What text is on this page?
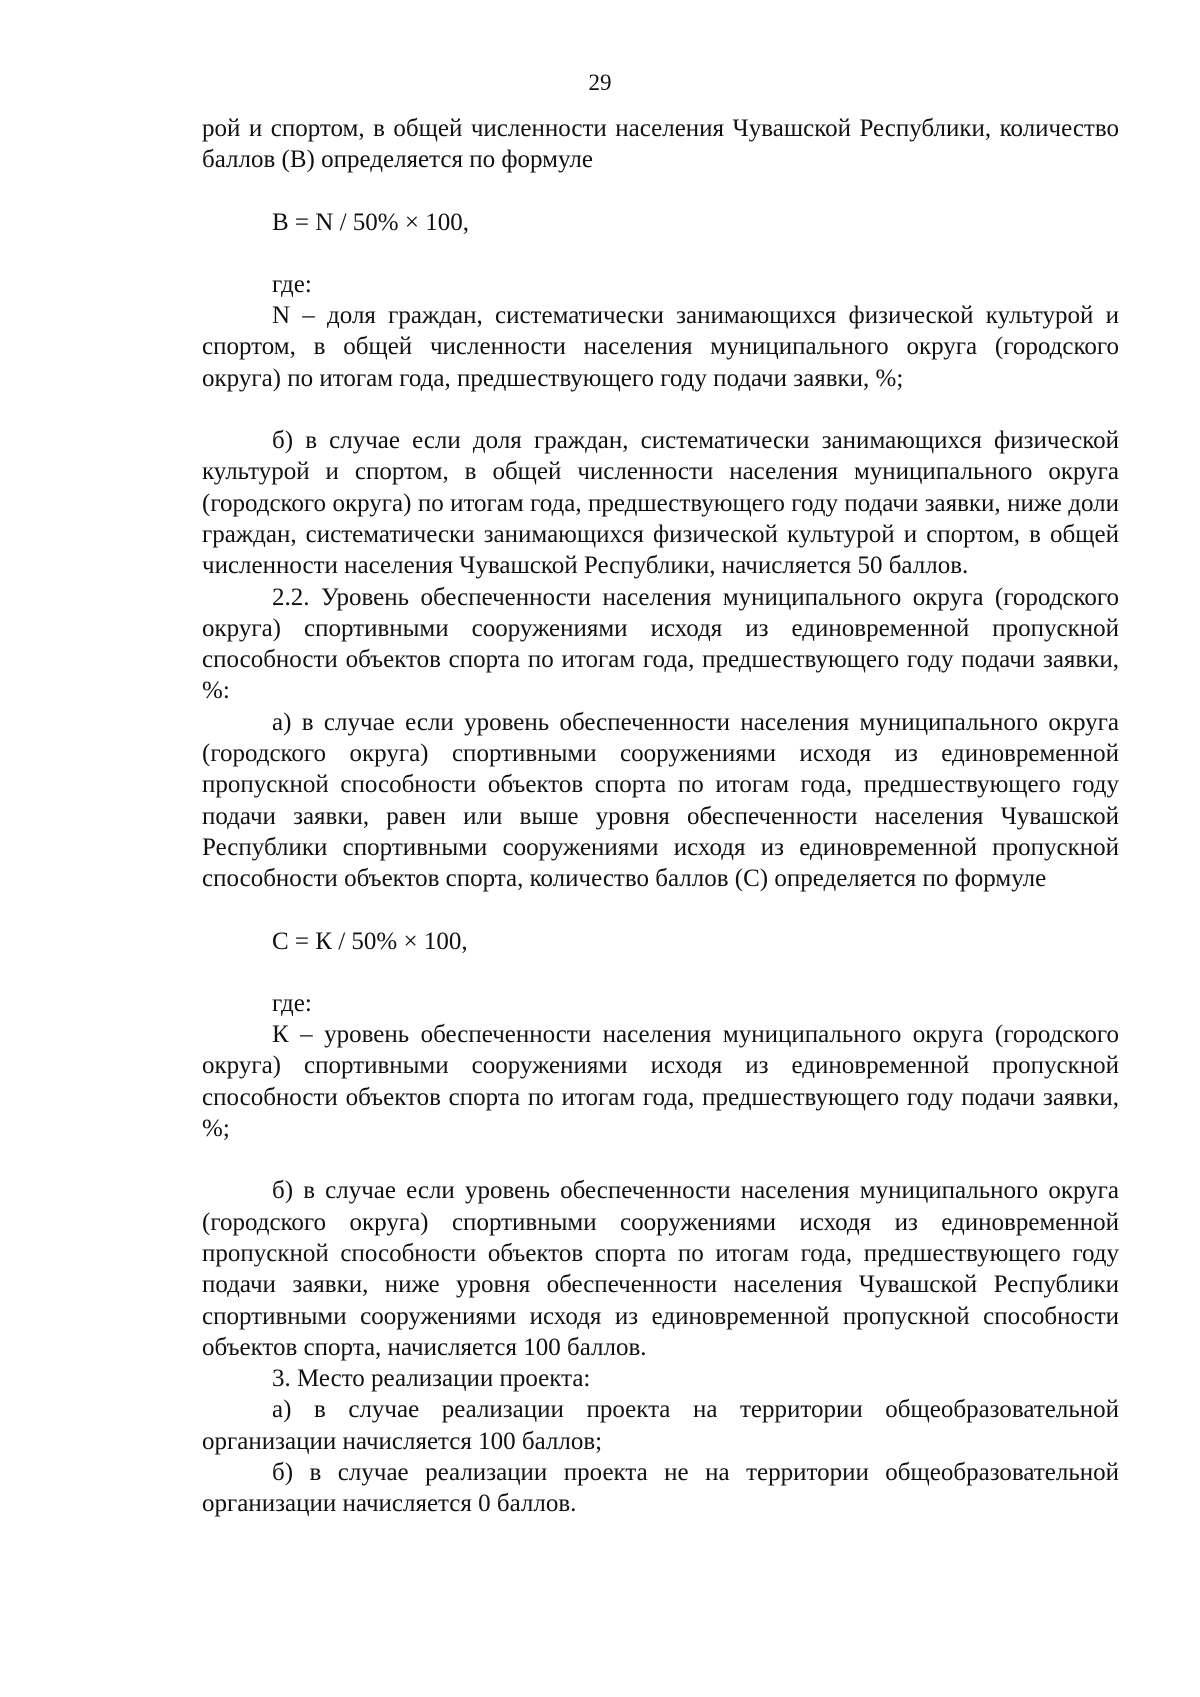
29

рой и спортом, в общей численности населения Чувашской Республики, количество баллов (В) определяется по формуле

В = N / 50% × 100,

где:

N – доля граждан, систематически занимающихся физической культурой и спортом, в общей численности населения муниципального округа (городского округа) по итогам года, предшествующего году подачи заявки, %;

б) в случае если доля граждан, систематически занимающихся физической культурой и спортом, в общей численности населения муниципального округа (городского округа) по итогам года, предшествующего году подачи заявки, ниже доли граждан, систематически занимающихся физической культурой и спортом, в общей численности населения Чувашской Республики, начисляется 50 баллов.

2.2. Уровень обеспеченности населения муниципального округа (городского округа) спортивными сооружениями исходя из единовременной пропускной способности объектов спорта по итогам года, предшествующего году подачи заявки, %:

а) в случае если уровень обеспеченности населения муниципального округа (городского округа) спортивными сооружениями исходя из единовременной пропускной способности объектов спорта по итогам года, предшествующего году подачи заявки, равен или выше уровня обеспеченности населения Чувашской Республики спортивными сооружениями исходя из единовременной пропускной способности объектов спорта, количество баллов (С) определяется по формуле

С = К / 50% × 100,

где:

К – уровень обеспеченности населения муниципального округа (городского округа) спортивными сооружениями исходя из единовременной пропускной способности объектов спорта по итогам года, предшествующего году подачи заявки, %;

б) в случае если уровень обеспеченности населения муниципального округа (городского округа) спортивными сооружениями исходя из единовременной пропускной способности объектов спорта по итогам года, предшествующего году подачи заявки, ниже уровня обеспеченности населения Чувашской Республики спортивными сооружениями исходя из единовременной пропускной способности объектов спорта, начисляется 100 баллов.

3. Место реализации проекта:

а) в случае реализации проекта на территории общеобразовательной организации начисляется 100 баллов;

б) в случае реализации проекта не на территории общеобразовательной организации начисляется 0 баллов.
